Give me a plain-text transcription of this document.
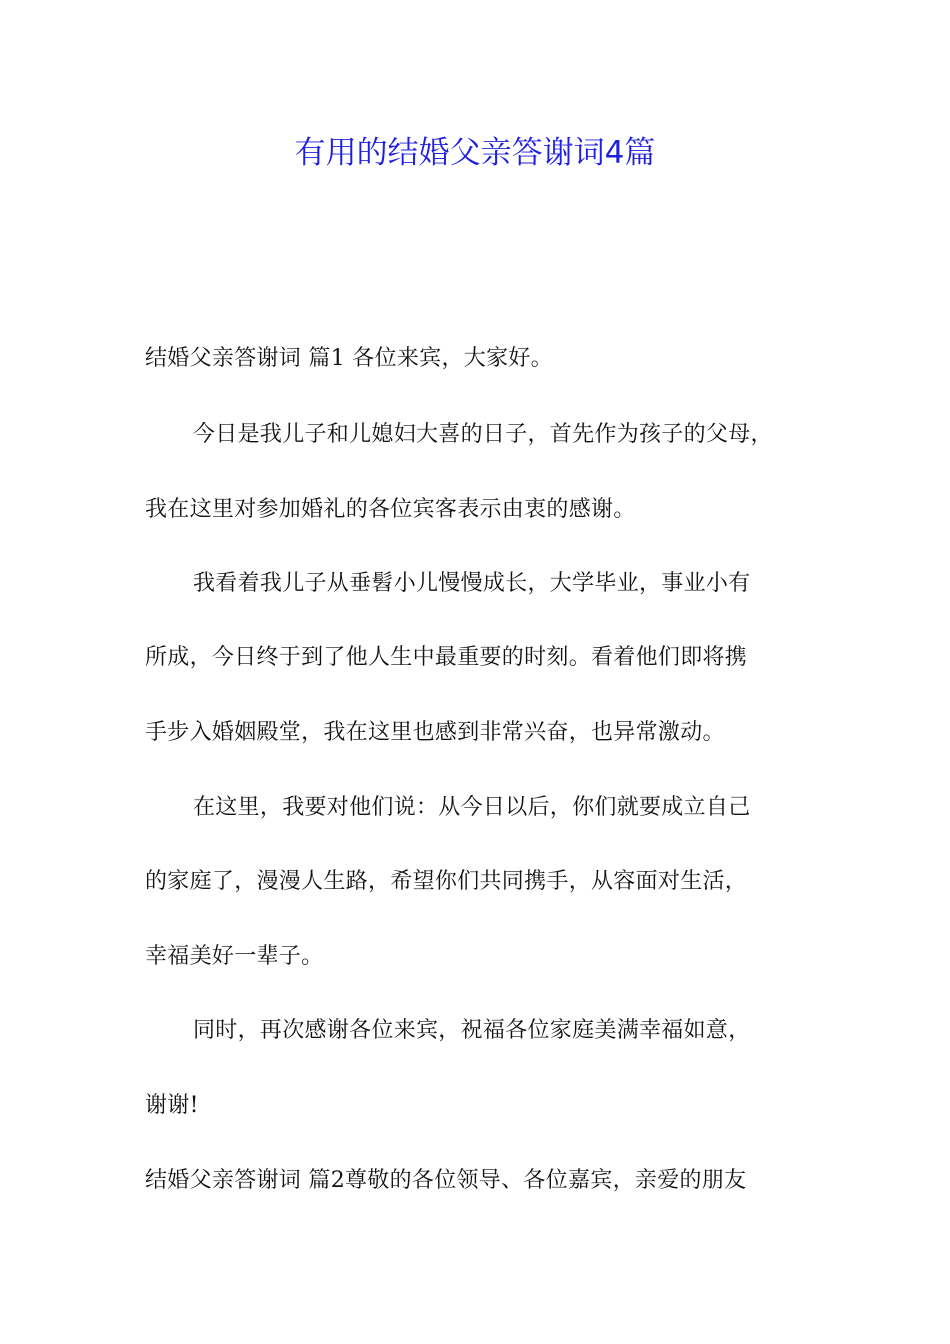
有用的结婚父亲答谢词4篇
结婚父亲答谢词 篇1 各位来宾，大家好。
今日是我儿子和儿媳妇大喜的日子，首先作为孩子的父母，
我在这里对参加婚礼的各位宾客表示由衷的感谢。
我看着我儿子从垂髫小儿慢慢成长，大学毕业，事业小有
所成，今日终于到了他人生中最重要的时刻。看着他们即将携
手步入婚姻殿堂，我在这里也感到非常兴奋，也异常激动。
在这里，我要对他们说：从今日以后，你们就要成立自己
的家庭了，漫漫人生路，希望你们共同携手，从容面对生活，
幸福美好一辈子。
同时，再次感谢各位来宾，祝福各位家庭美满幸福如意，
谢谢!
结婚父亲答谢词 篇2尊敬的各位领导、各位嘉宾，亲爱的朋友
